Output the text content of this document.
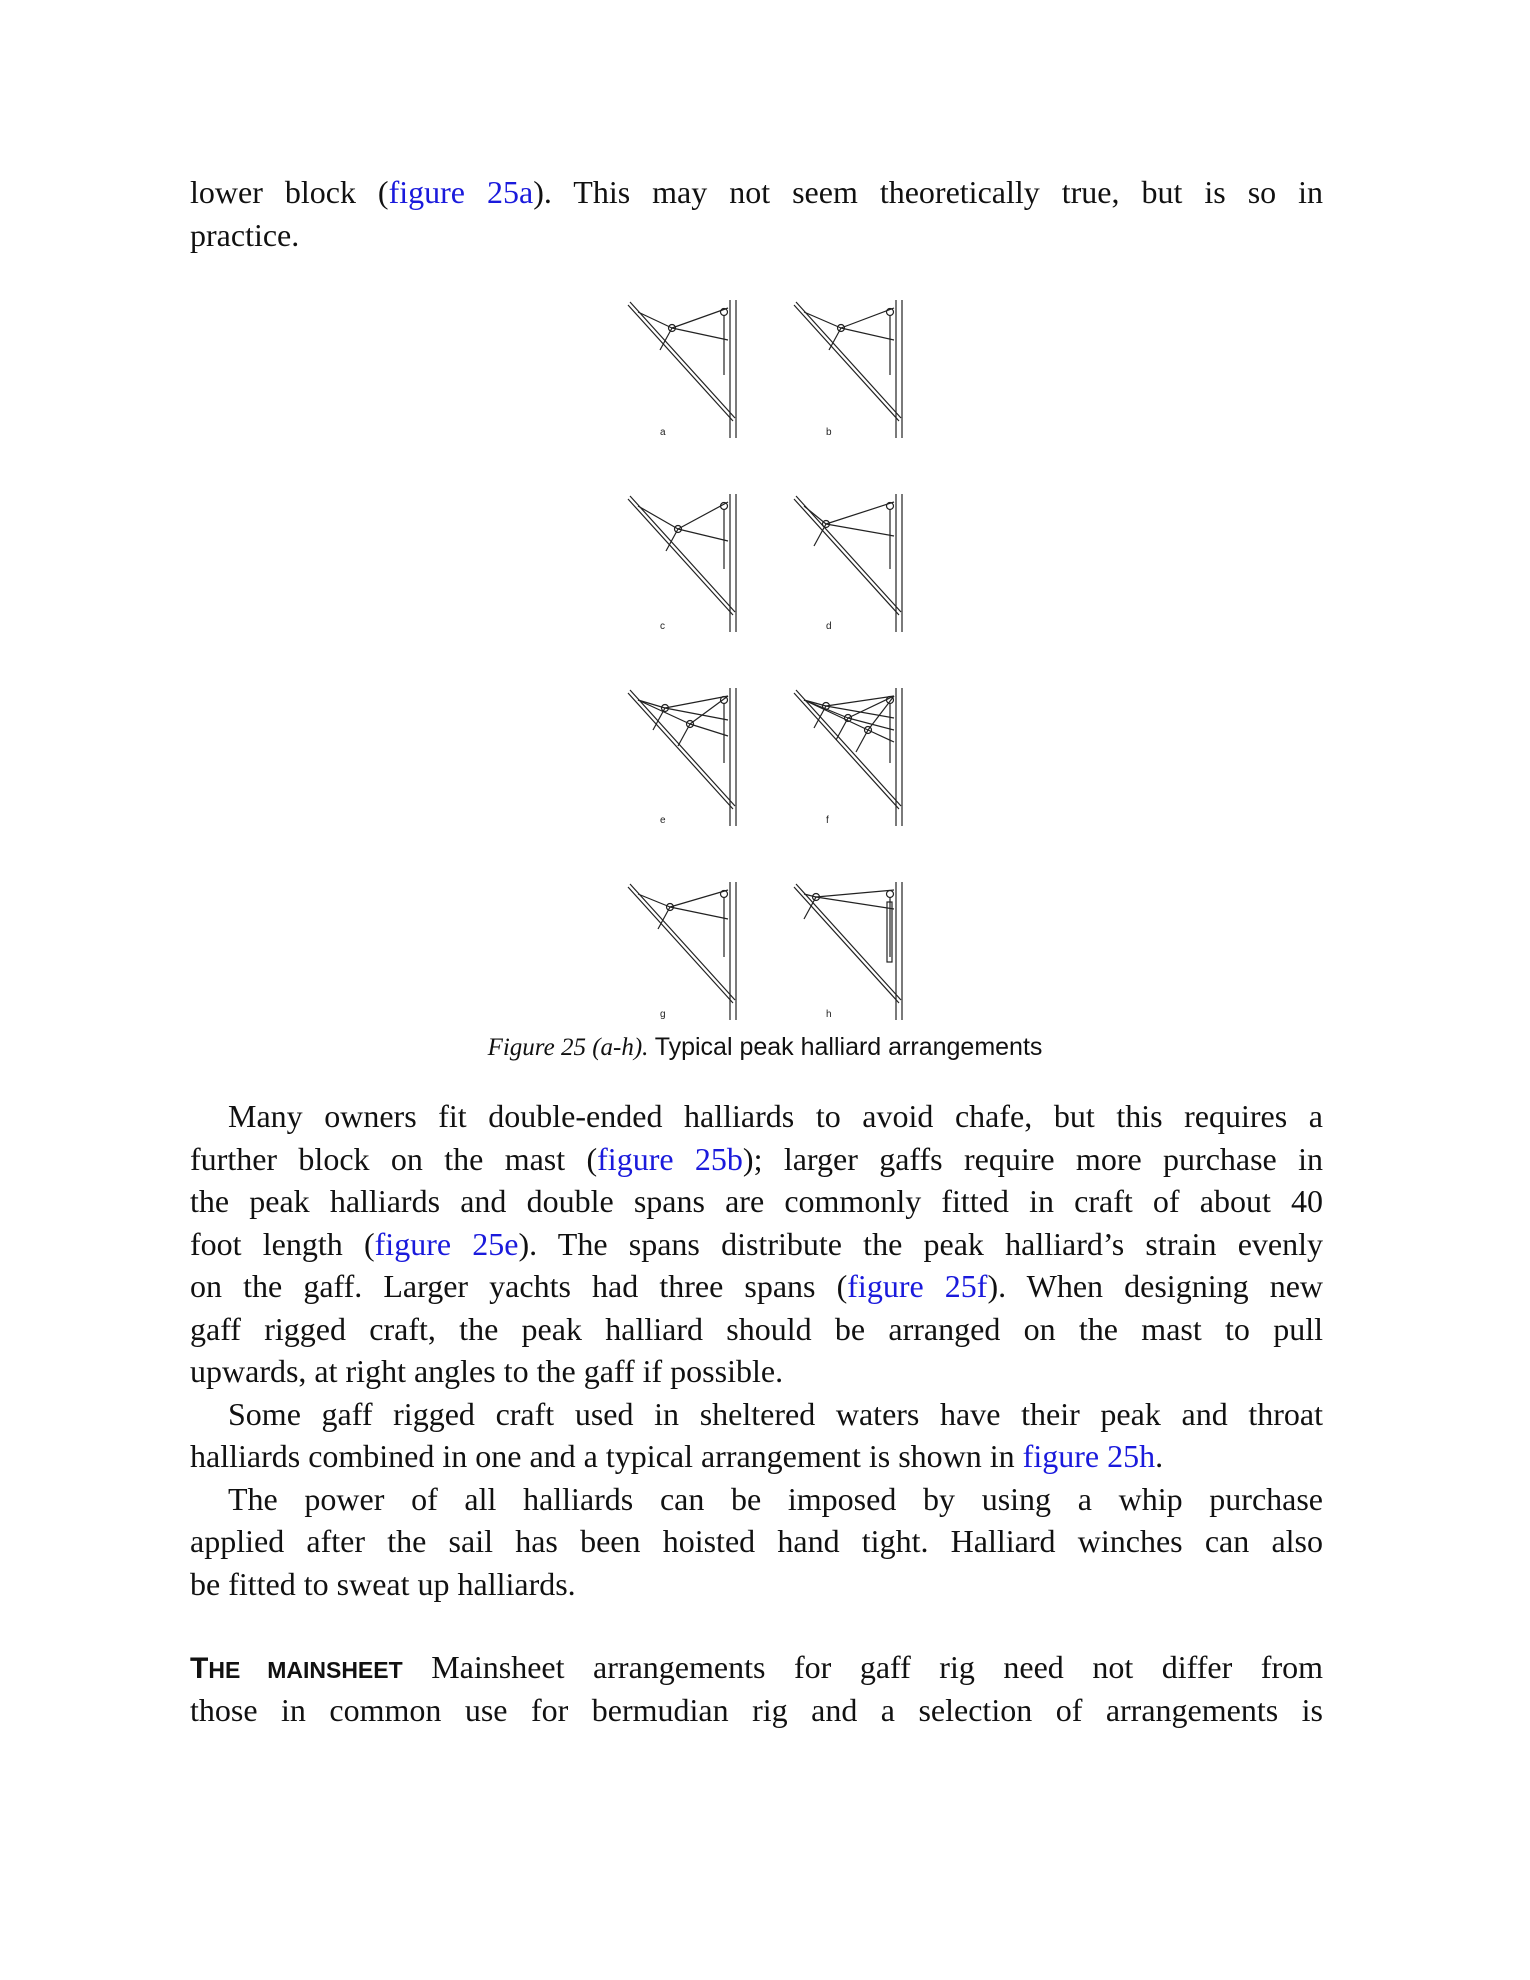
lower block (figure 25a). This may not seem theoretically true, but is so in
practice.
a	b
c	d
e	f
g	h
Figure 25 (a-h). Typical peak halliard arrangements
Many owners fit double-ended halliards to avoid chafe, but this requires a
further block on the mast (figure 25b); larger gaffs require more purchase in
the peak halliards and double spans are commonly fitted in craft of about 40
foot length (figure 25e). The spans distribute the peak halliard’s strain evenly
on the gaff. Larger yachts had three spans (figure 25f). When designing new
gaff rigged craft, the peak halliard should be arranged on the mast to pull
upwards, at right angles to the gaff if possible.
Some gaff rigged craft used in sheltered waters have their peak and throat
halliards combined in one and a typical arrangement is shown in figure 25h.
The power of all halliards can be imposed by using a whip purchase
applied after the sail has been hoisted hand tight. Halliard winches can also
be fitted to sweat up halliards.
THE MAINSHEET Mainsheet arrangements for gaff rig need not differ from
those in common use for bermudian rig and a selection of arrangements is
